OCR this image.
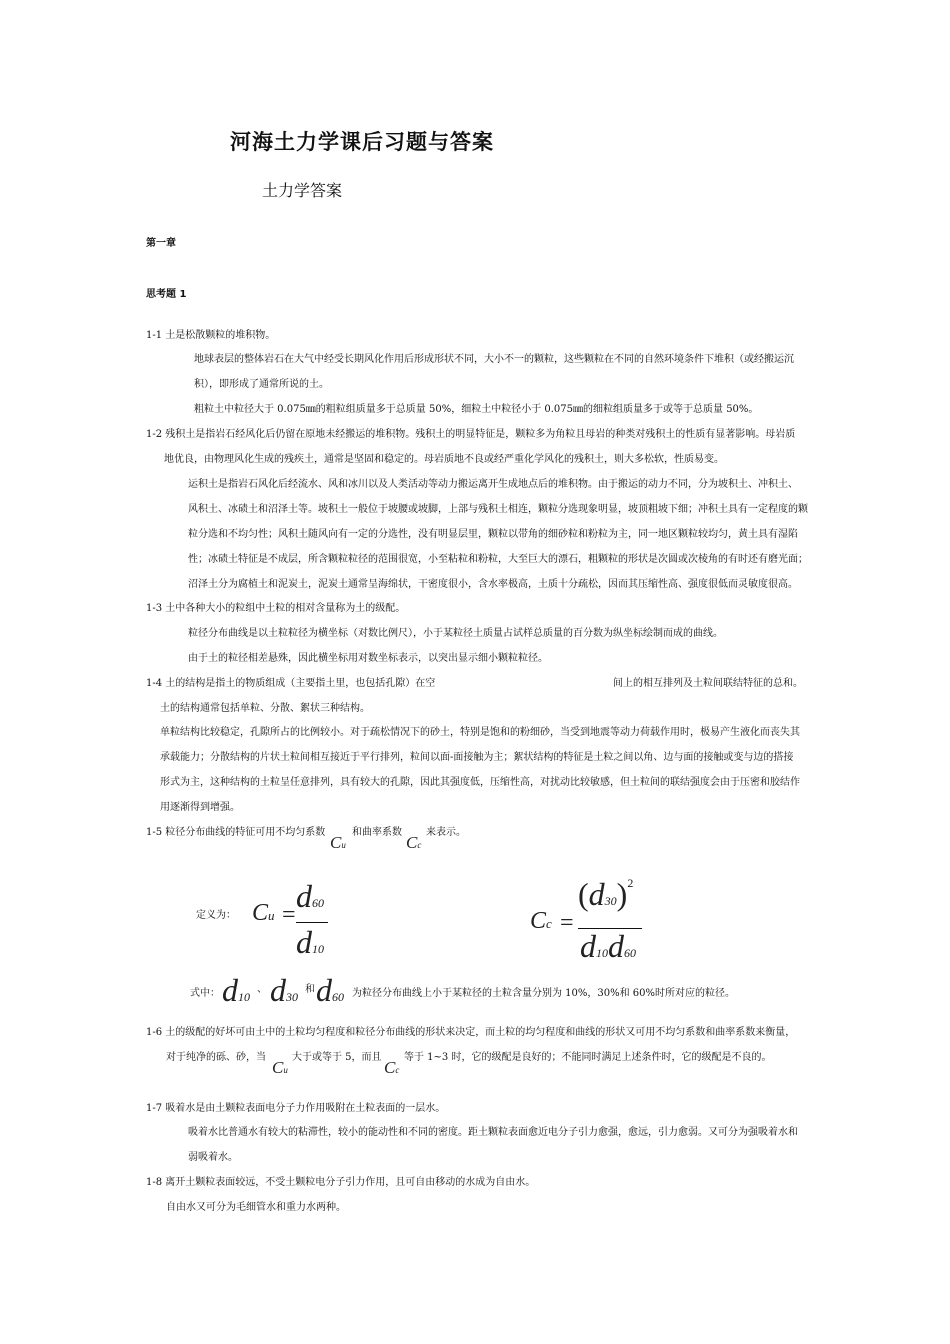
河海土力学课后习题与答案
土力学答案
第一章
思考题 1
1-1 土是松散颗粒的堆积物。
地球表层的整体岩石在大气中经受长期风化作用后形成形状不同，大小不一的颗粒，这些颗粒在不同的自然环境条件下堆积（或经搬运沉
积），即形成了通常所说的土。
粗粒土中粒径大于 0.075㎜的粗粒组质量多于总质量 50%，细粒土中粒径小于 0.075㎜的细粒组质量多于或等于总质量 50%。
1-2 残积土是指岩石经风化后仍留在原地未经搬运的堆积物。残积土的明显特征是，颗粒多为角粒且母岩的种类对残积土的性质有显著影响。母岩质
地优良，由物理风化生成的残疾土，通常是坚固和稳定的。母岩质地不良或经严重化学风化的残积土，则大多松软，性质易变。
运积土是指岩石风化后经流水、风和冰川以及人类活动等动力搬运离开生成地点后的堆积物。由于搬运的动力不同，分为坡积土、冲积土、
风积土、冰碛土和沼泽土等。坡积土一般位于坡腰或坡脚，上部与残积土相连，颗粒分选现象明显，坡顶粗坡下细；冲积土具有一定程度的颗
粒分选和不均匀性；风积土随风向有一定的分选性，没有明显层里，颗粒以带角的细砂粒和粉粒为主，同一地区颗粒较均匀，黄土具有湿陷
性；冰碛土特征是不成层，所含颗粒粒径的范围很宽，小至粘粒和粉粒，大至巨大的漂石，粗颗粒的形状是次圆或次棱角的有时还有磨光面；
沼泽土分为腐植土和泥炭土，泥炭土通常呈海绵状，干密度很小，含水率极高，土质十分疏松，因而其压缩性高、强度很低而灵敏度很高。
1-3 土中各种大小的粒组中土粒的相对含量称为土的级配。
粒径分布曲线是以土粒粒径为横坐标（对数比例尺），小于某粒径土质量占试样总质量的百分数为纵坐标绘制而成的曲线。
由于土的粒径相差悬殊，因此横坐标用对数坐标表示，以突出显示细小颗粒粒径。
1-4 土的结构是指土的物质组成（主要指土里，也包括孔隙）在空	间上的相互排列及土粒间联结特征的总和。
土的结构通常包括单粒、分散、絮状三种结构。
单粒结构比较稳定，孔隙所占的比例较小。对于疏松情况下的砂土，特别是饱和的粉细砂，当受到地震等动力荷载作用时，极易产生液化而丧失其
承载能力；分散结构的片状土粒间相互接近于平行排列，粒间以面-面接触为主；絮状结构的特征是土粒之间以角、边与面的接触或变与边的搭接
形式为主，这种结构的土粒呈任意排列，具有较大的孔隙，因此其强度低，压缩性高，对扰动比较敏感，但土粒间的联结强度会由于压密和胶结作
用逐渐得到增强。
1-5 粒径分布曲线的特征可用不均匀系数
Cu
和曲率系数
Cc
来表示。
定义为： Cu =
d60
d10
Cc =
$(d30)^2$
d10d60
式中： d10
、 d30
和 d60 为粒径分布曲线上小于某粒径的土粒含量分别为 10%，30%和 60%时所对应的粒径。
1-6 土的级配的好坏可由土中的土粒均匀程度和粒径分布曲线的形状来决定，而土粒的均匀程度和曲线的形状又可用不均匀系数和曲率系数来衡量，
对于纯净的砾、砂，当
Cu
大于或等于 5，而且
Cc
等于 1~3 时，它的级配是良好的；不能同时满足上述条件时，它的级配是不良的。
1-7 吸着水是由土颗粒表面电分子力作用吸附在土粒表面的一层水。
吸着水比普通水有较大的粘滞性，较小的能动性和不同的密度。距土颗粒表面愈近电分子引力愈强，愈远，引力愈弱。又可分为强吸着水和
弱吸着水。
1-8 离开土颗粒表面较远，不受土颗粒电分子引力作用，且可自由移动的水成为自由水。
自由水又可分为毛细管水和重力水两种。
